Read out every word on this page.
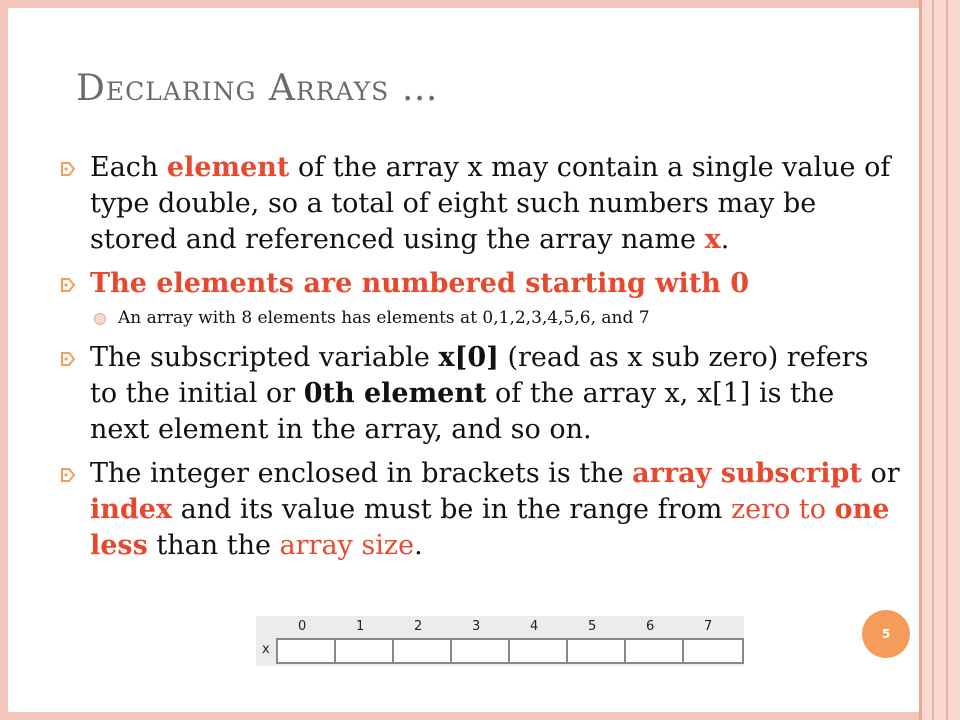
Declaring Arrays …
Each element of the array x may contain a single value of type double, so a total of eight such numbers may be stored and referenced using the array name x.
The elements are numbered starting with 0
An array with 8 elements has elements at 0,1,2,3,4,5,6, and 7
The subscripted variable x[0] (read as x sub zero) refers to the initial or 0th element of the array x, x[1] is the next element in the array, and so on.
The integer enclosed in brackets is the array subscript or index and its value must be in the range from zero to one less than the array size.
0	1	2	3	4	5	6	7
x
5
